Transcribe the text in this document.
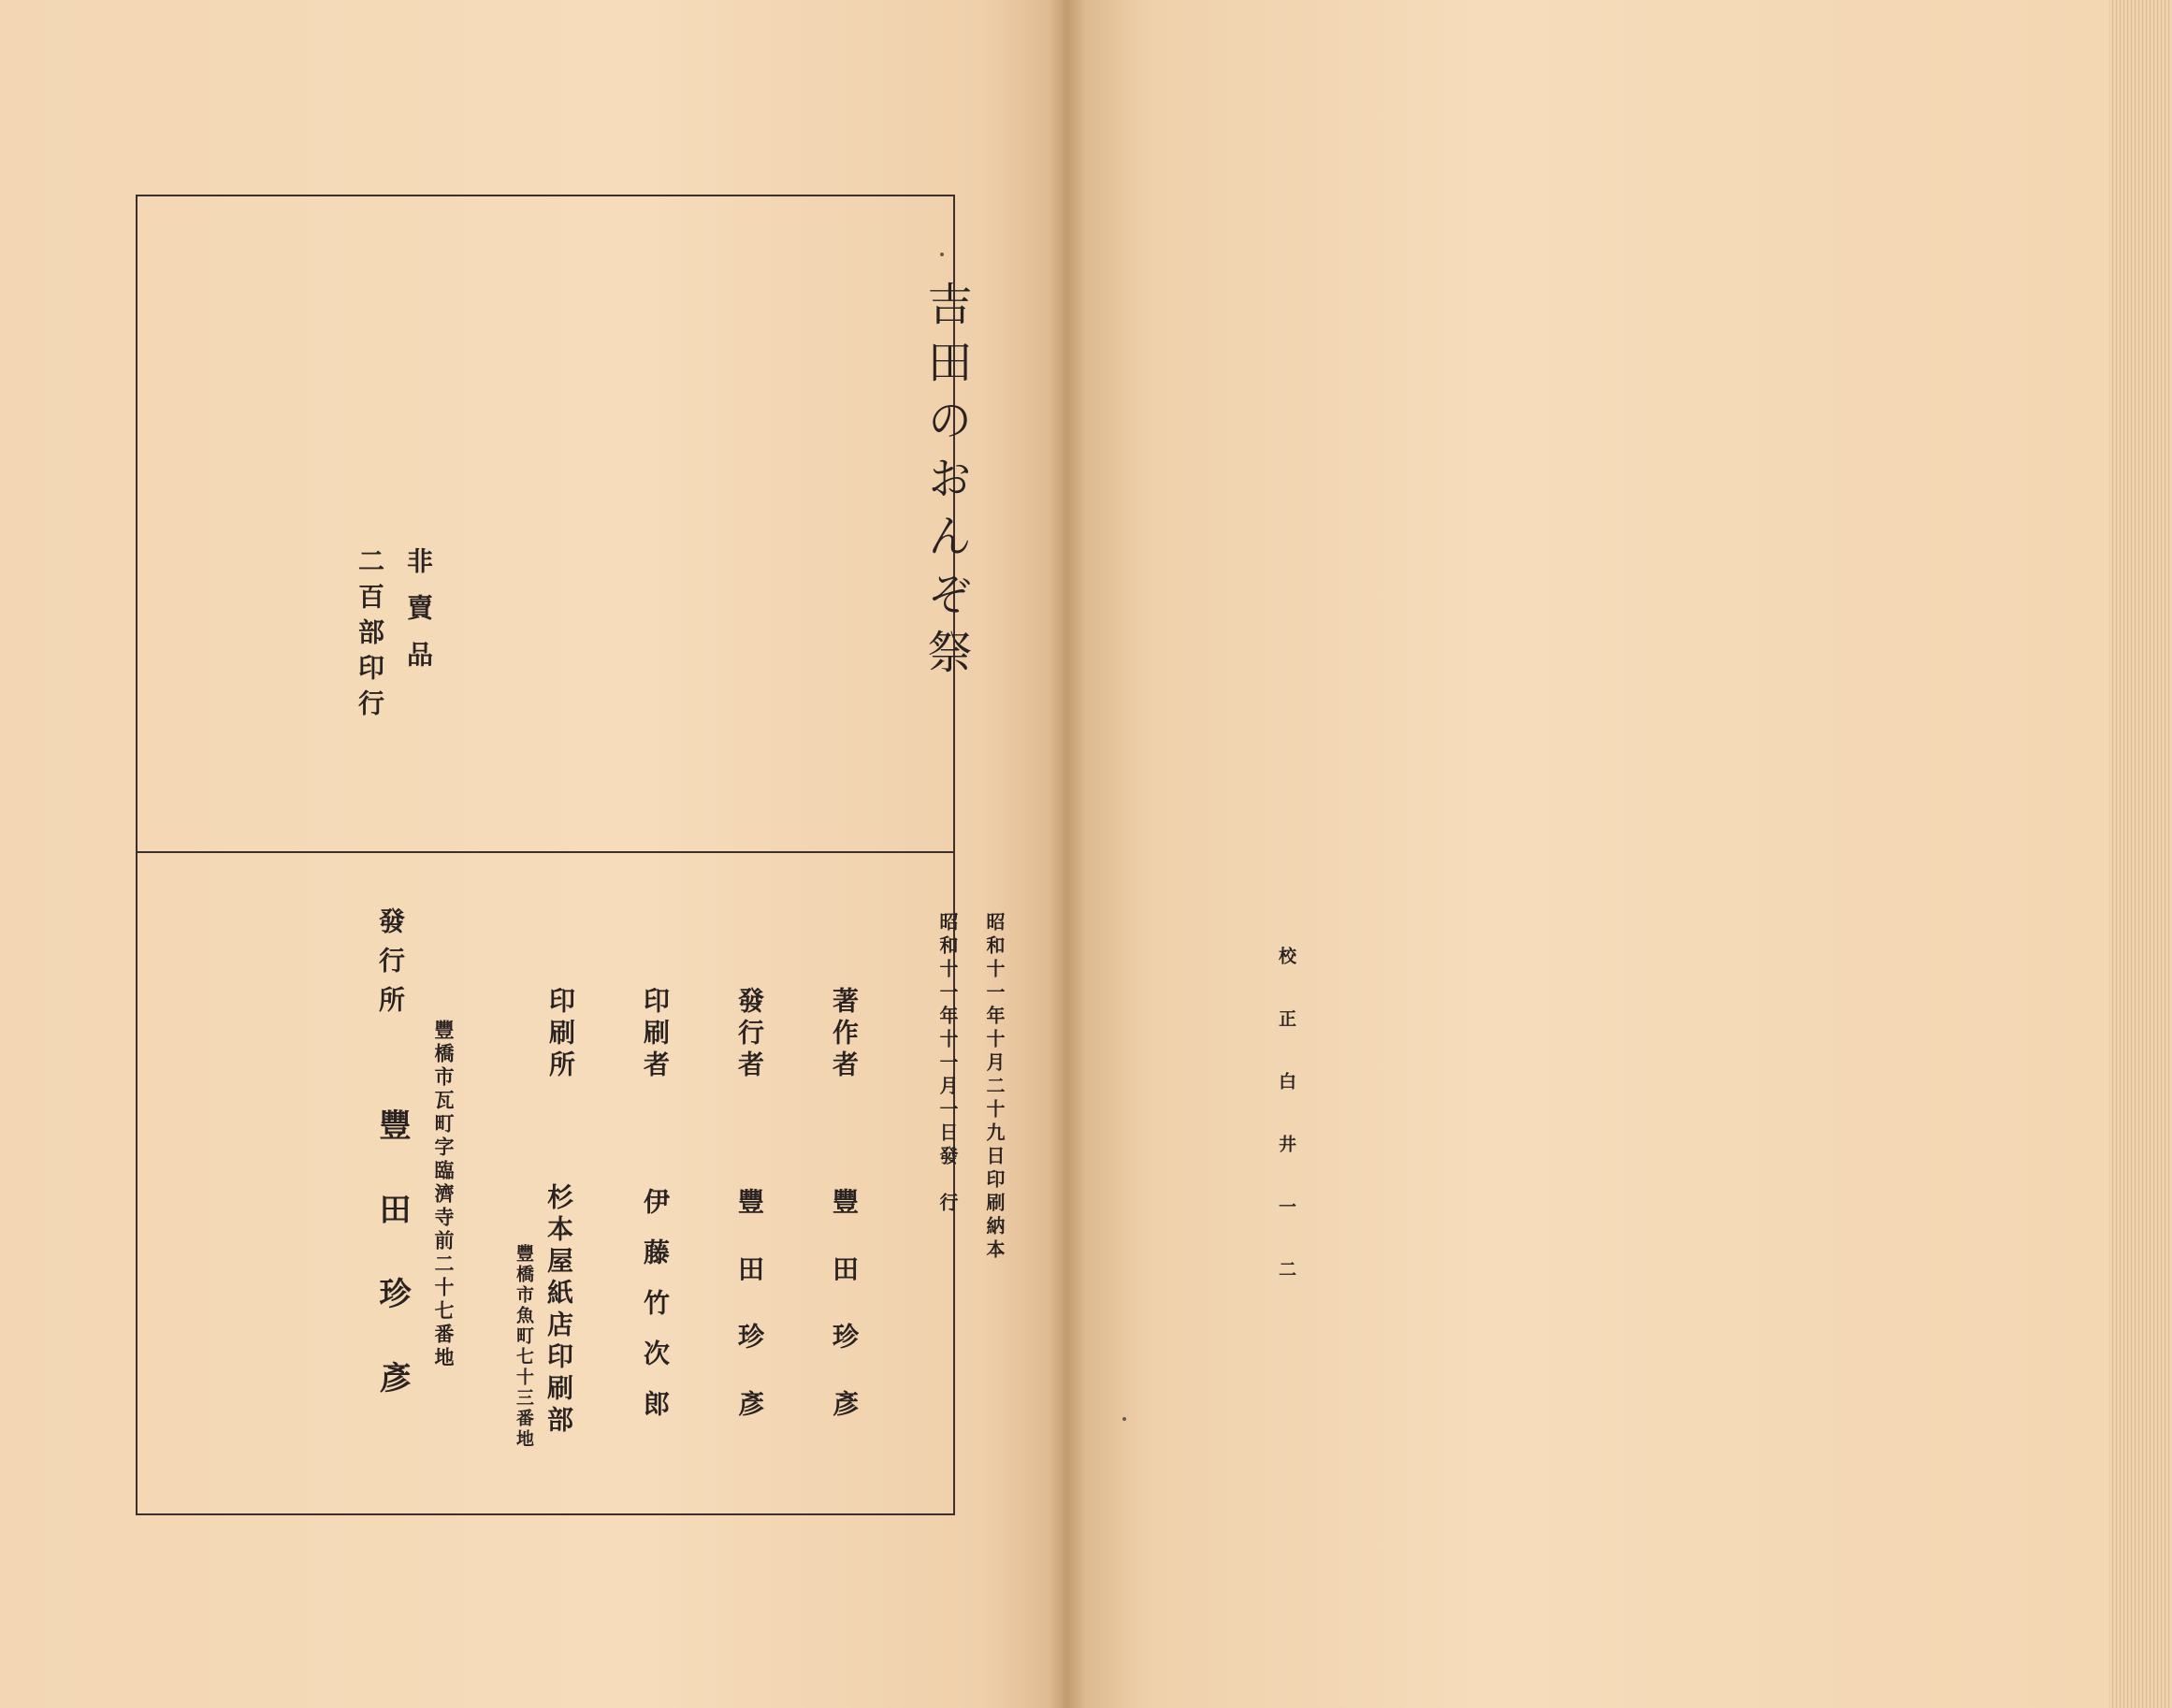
吉田のおんぞ祭
非賣品
二百部印行
昭和十一年十月二十九日印刷納本
昭和十一年十一月一日發　行
著作者
豐田珍彥
發行者
豐田珍彥
印刷者
伊藤竹次郎
印刷所
杉本屋紙店印刷部
豐橋市魚町七十三番地
發行所
豐橋市瓦町字臨濟寺前二十七番地
豐田珍彥	校正白井一二
